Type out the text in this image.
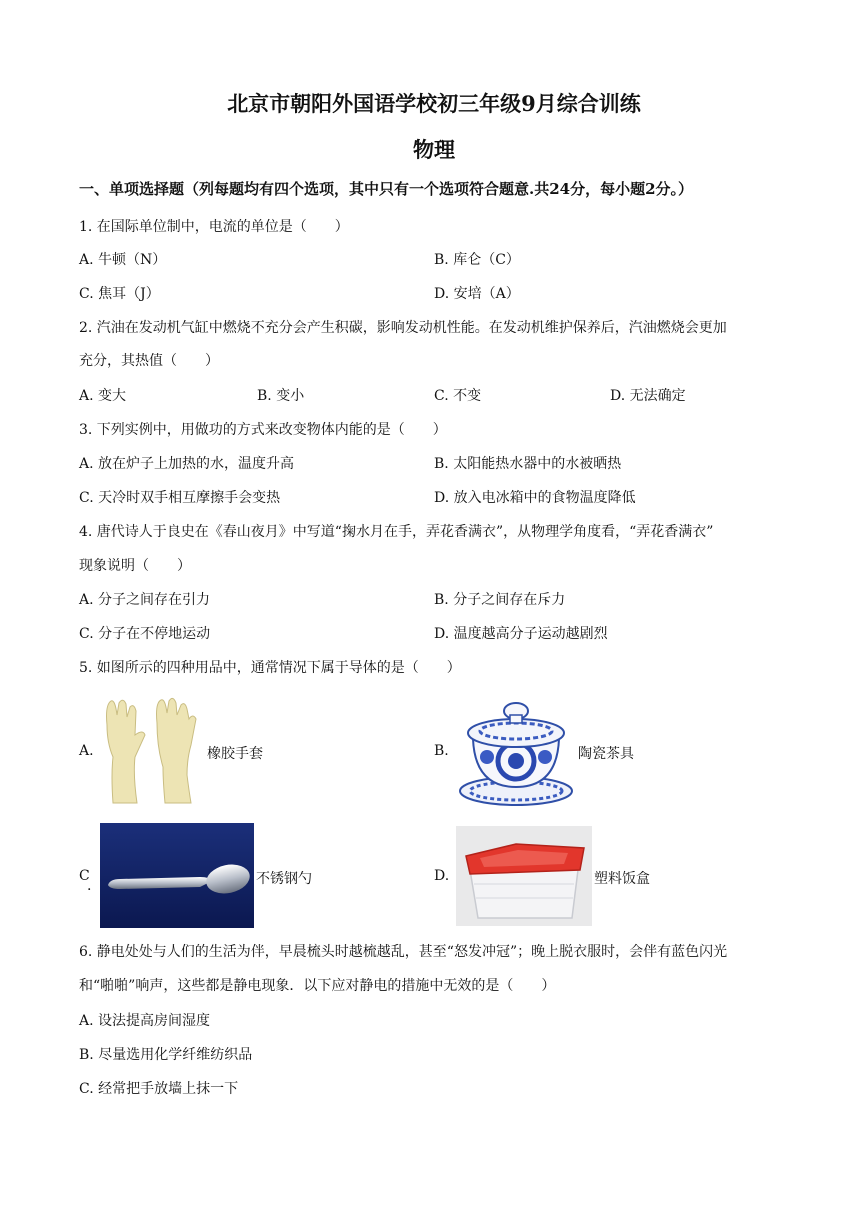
北京市朝阳外国语学校初三年级9月综合训练
物理
一、单项选择题（列每题均有四个选项，其中只有一个选项符合题意.共24分，每小题2分。）
1. 在国际单位制中，电流的单位是（　　）
A. 牛顿（N）	B. 库仑（C）
C. 焦耳（J）	D. 安培（A）
2. 汽油在发动机气缸中燃烧不充分会产生积碳，影响发动机性能。在发动机维护保养后，汽油燃烧会更加
充分，其热值（　　）
A. 变大	B. 变小	C. 不变	D. 无法确定
3. 下列实例中，用做功的方式来改变物体内能的是（　　）
A. 放在炉子上加热的水，温度升高	B. 太阳能热水器中的水被晒热
C. 天冷时双手相互摩擦手会变热	D. 放入电冰箱中的食物温度降低
4. 唐代诗人于良史在《春山夜月》中写道“掬水月在手，弄花香满衣”，从物理学角度看，“弄花香满衣”
现象说明（　　）
A. 分子之间存在引力	B. 分子之间存在斥力
C. 分子在不停地运动	D. 温度越高分子运动越剧烈
5. 如图所示的四种用品中，通常情况下属于导体的是（　　）
A.	橡胶手套	B.	陶瓷茶具
C
.	不锈钢勺	D.	塑料饭盒
6. 静电处处与人们的生活为伴，早晨梳头时越梳越乱，甚至“怒发冲冠”；晚上脱衣服时，会伴有蓝色闪光
和“啪啪”响声，这些都是静电现象．以下应对静电的措施中无效的是（　　）
A. 设法提高房间湿度
B. 尽量选用化学纤维纺织品
C. 经常把手放墙上抹一下
